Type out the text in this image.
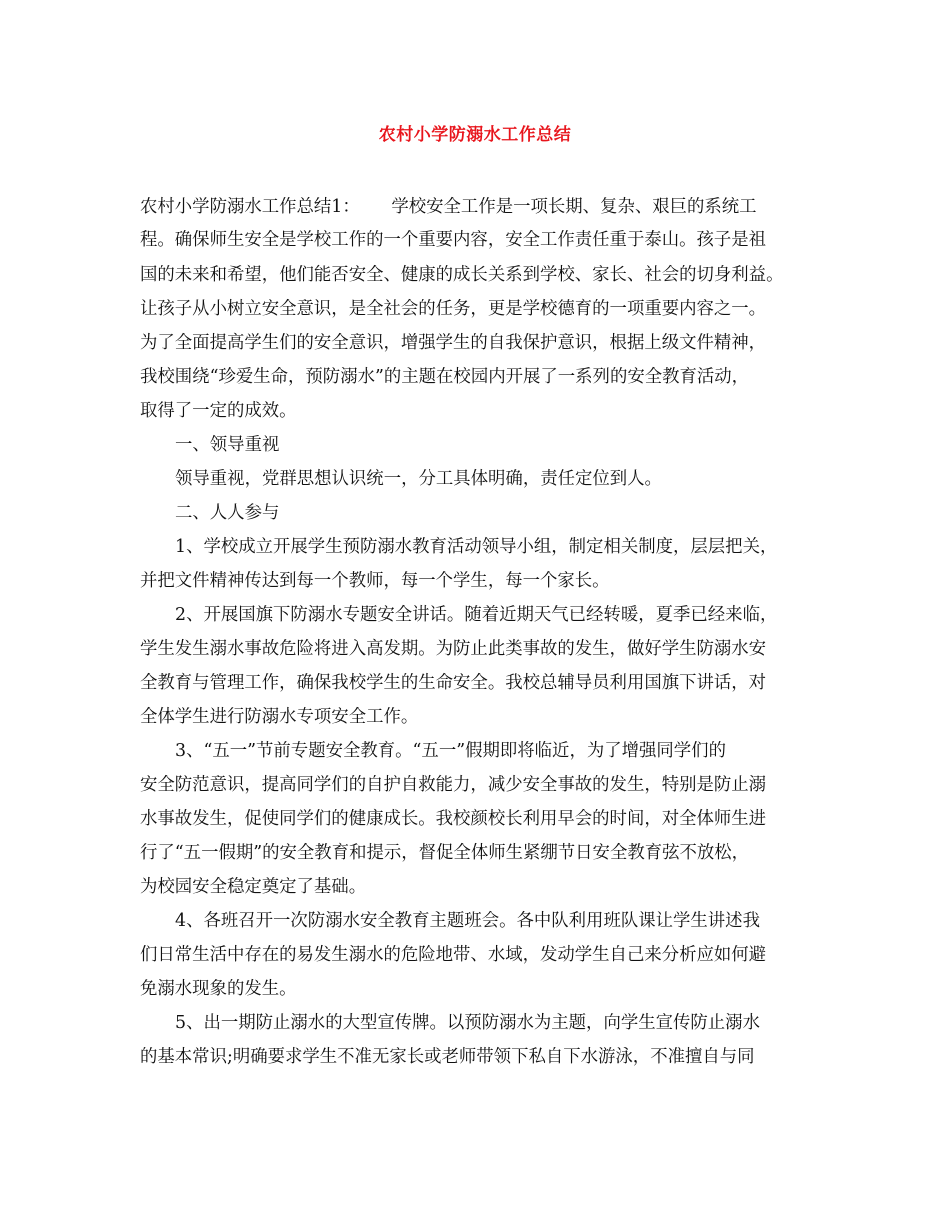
农村小学防溺水工作总结
农村小学防溺水工作总结1：　　 学校安全工作是一项长期、复杂、艰巨的系统工
程。确保师生安全是学校工作的一个重要内容，安全工作责任重于泰山。孩子是祖
国的未来和希望，他们能否安全、健康的成长关系到学校、家长、社会的切身利益。
让孩子从小树立安全意识，是全社会的任务，更是学校德育的一项重要内容之一。
为了全面提高学生们的安全意识，增强学生的自我保护意识，根据上级文件精神，
我校围绕“珍爱生命，预防溺水”的主题在校园内开展了一系列的安全教育活动，
取得了一定的成效。
一、领导重视
领导重视，党群思想认识统一，分工具体明确，责任定位到人。
二、人人参与
1、学校成立开展学生预防溺水教育活动领导小组，制定相关制度，层层把关，
并把文件精神传达到每一个教师，每一个学生，每一个家长。
2、开展国旗下防溺水专题安全讲话。随着近期天气已经转暖，夏季已经来临，
学生发生溺水事故危险将进入高发期。为防止此类事故的发生，做好学生防溺水安
全教育与管理工作，确保我校学生的生命安全。我校总辅导员利用国旗下讲话，对
全体学生进行防溺水专项安全工作。
3、“五一”节前专题安全教育。“五一”假期即将临近，为了增强同学们的
安全防范意识，提高同学们的自护自救能力，减少安全事故的发生，特别是防止溺
水事故发生，促使同学们的健康成长。我校颜校长利用早会的时间，对全体师生进
行了“五一假期”的安全教育和提示，督促全体师生紧绷节日安全教育弦不放松，
为校园安全稳定奠定了基础。
4、各班召开一次防溺水安全教育主题班会。各中队利用班队课让学生讲述我
们日常生活中存在的易发生溺水的危险地带、水域，发动学生自己来分析应如何避
免溺水现象的发生。
5、出一期防止溺水的大型宣传牌。以预防溺水为主题，向学生宣传防止溺水
的基本常识;明确要求学生不准无家长或老师带领下私自下水游泳，不准擅自与同
